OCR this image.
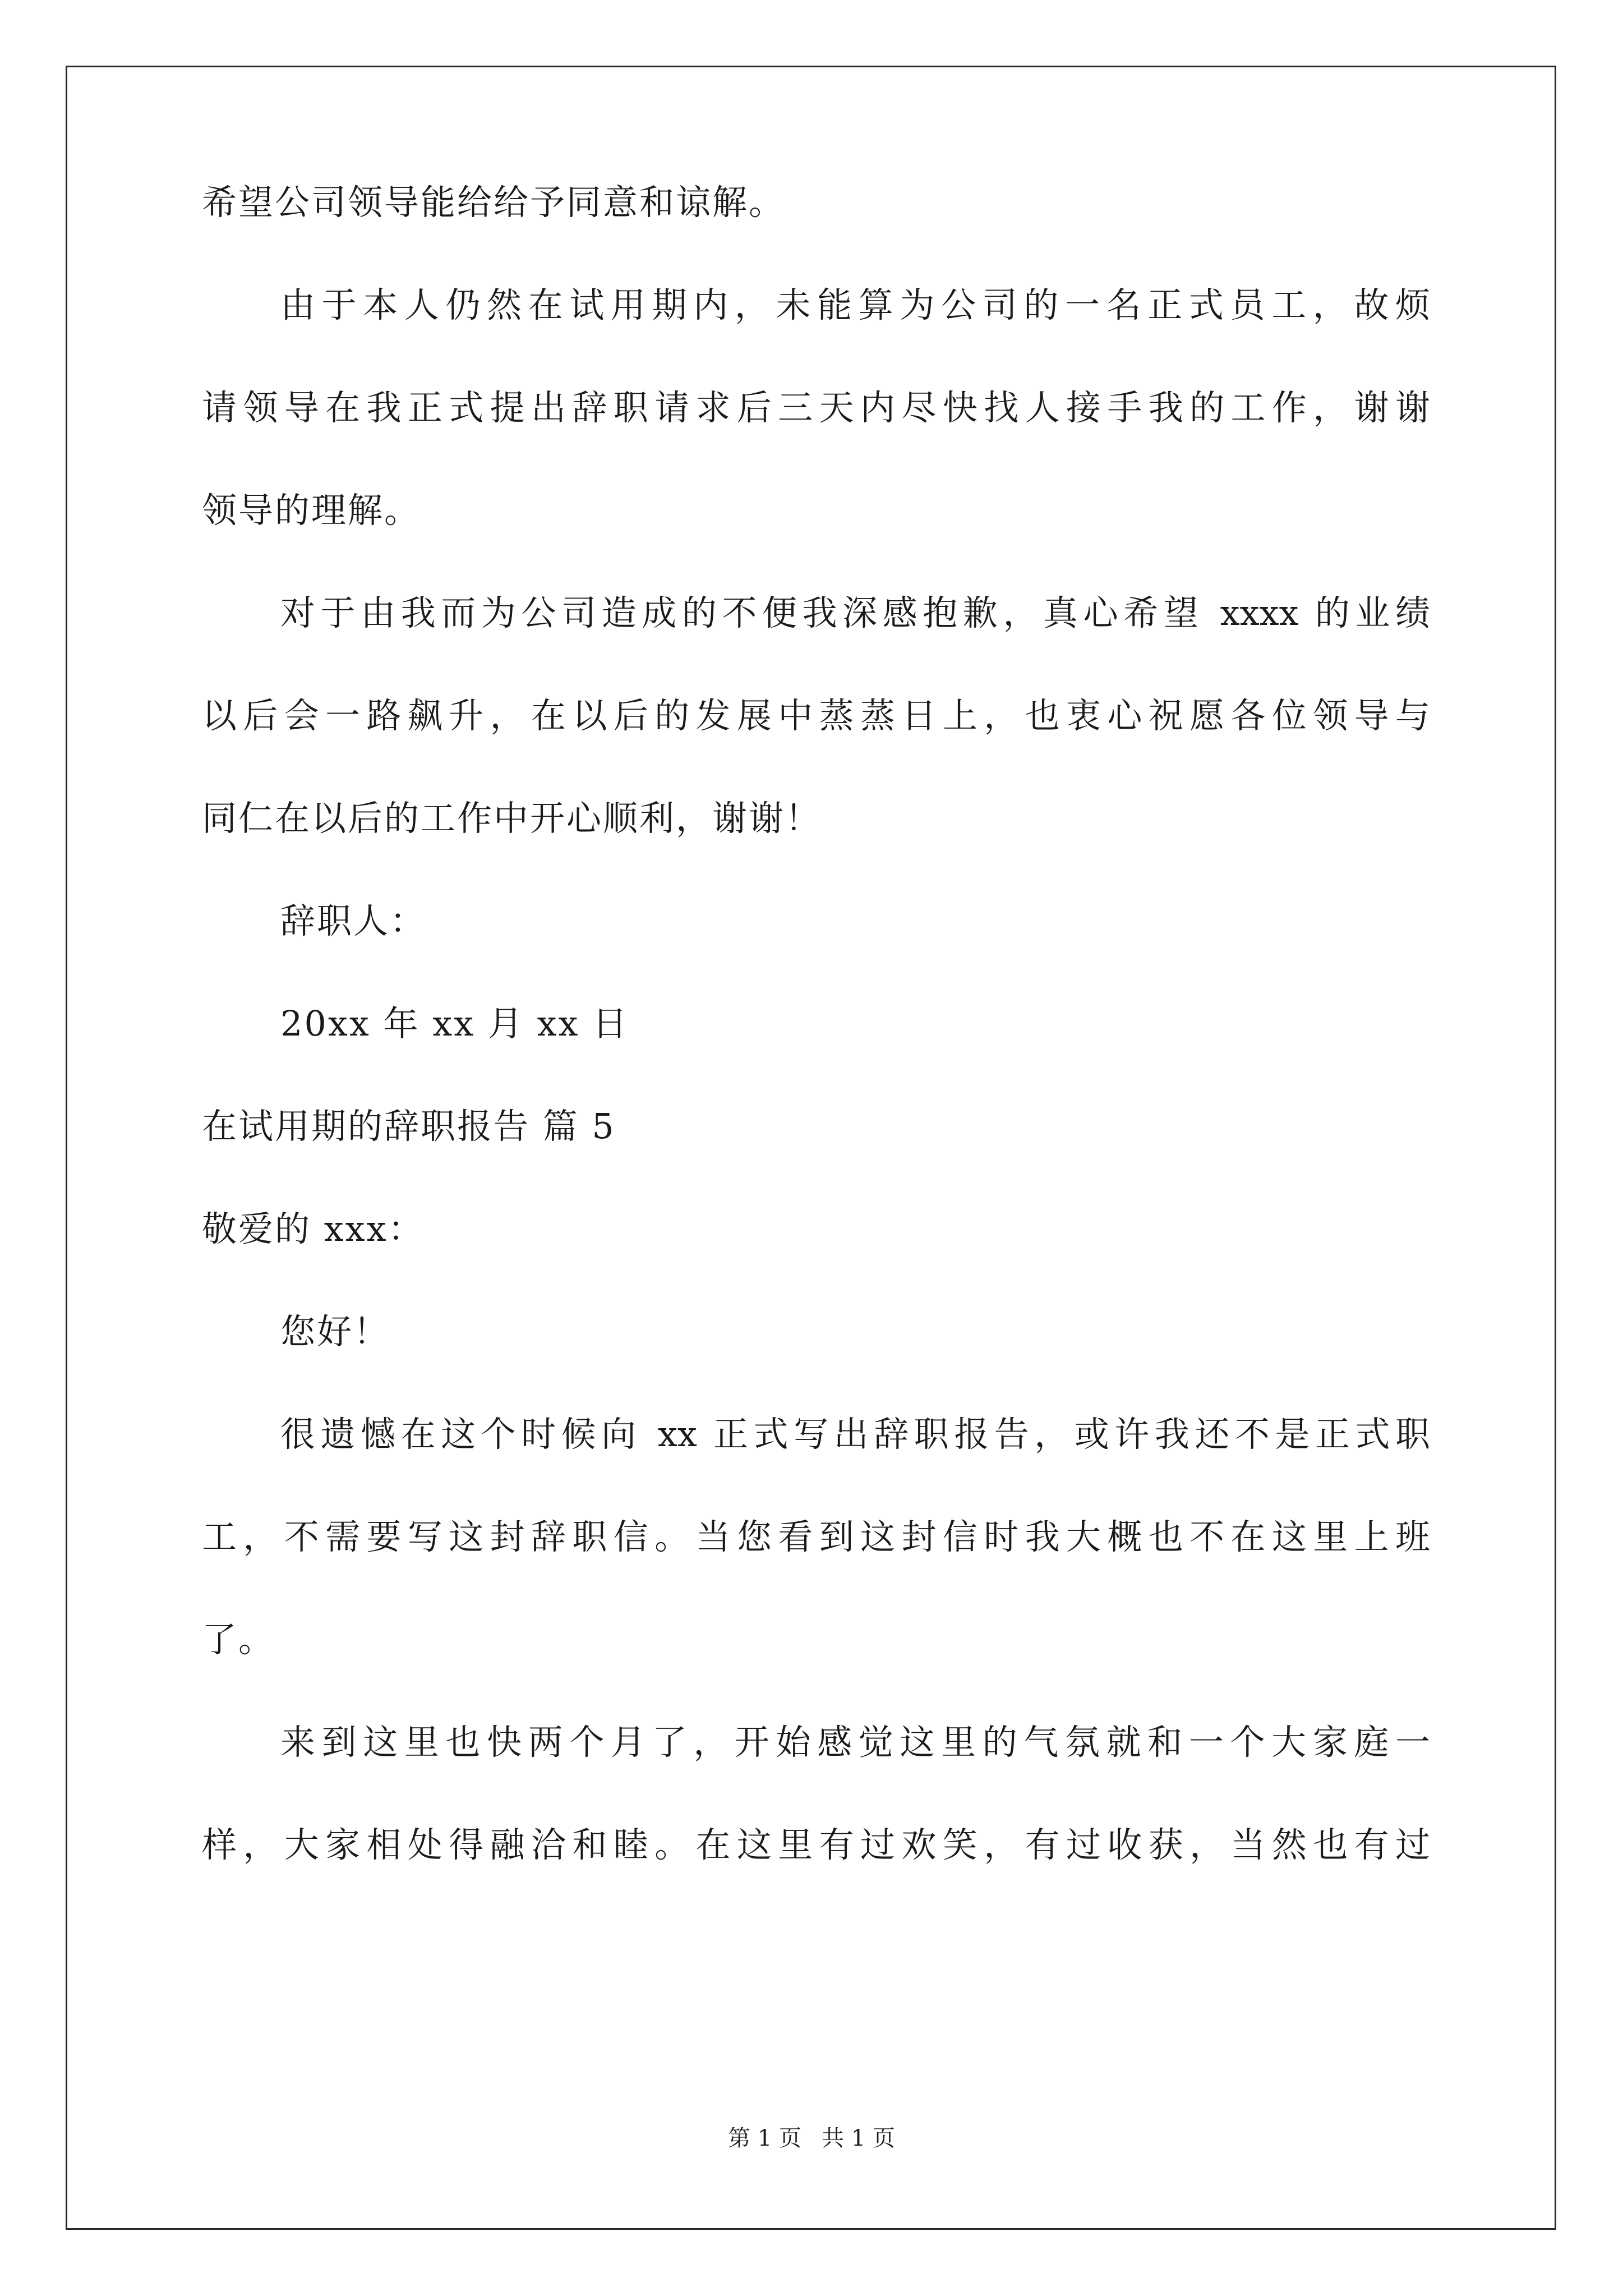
希望公司领导能给给予同意和谅解。
由于本人仍然在试用期内，未能算为公司的一名正式员工，故烦
请领导在我正式提出辞职请求后三天内尽快找人接手我的工作，谢谢
领导的理解。
对于由我而为公司造成的不便我深感抱歉，真心希望 xxxx 的业绩
以后会一路飙升，在以后的发展中蒸蒸日上，也衷心祝愿各位领导与
同仁在以后的工作中开心顺利，谢谢！
辞职人：
20xx 年 xx 月 xx 日
在试用期的辞职报告 篇 5
敬爱的 xxx：
您好！
很遗憾在这个时候向 xx 正式写出辞职报告，或许我还不是正式职
工，不需要写这封辞职信。当您看到这封信时我大概也不在这里上班
了。
来到这里也快两个月了，开始感觉这里的气氛就和一个大家庭一
样，大家相处得融洽和睦。在这里有过欢笑，有过收获，当然也有过
第 1 页 共 1 页
